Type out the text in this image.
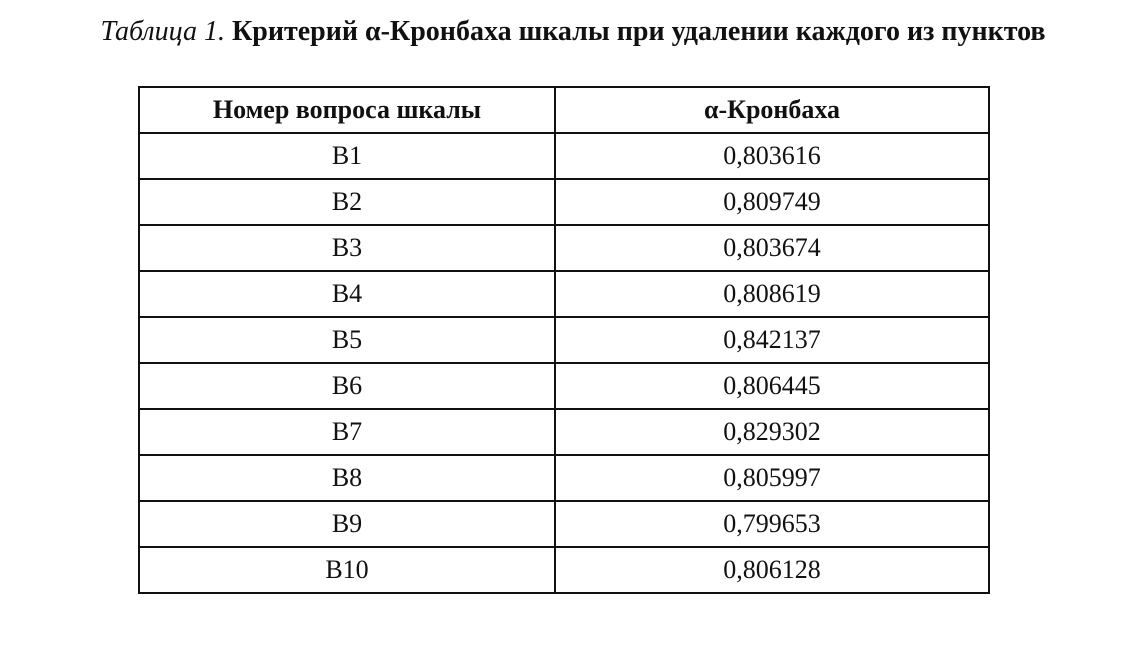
Таблица 1. Критерий α-Кронбаха шкалы при удалении каждого из пунктов
Номер вопроса шкалы	α-Кронбаха
В1	0,803616
В2	0,809749
В3	0,803674
В4	0,808619
В5	0,842137
В6	0,806445
В7	0,829302
В8	0,805997
В9	0,799653
В10	0,806128
